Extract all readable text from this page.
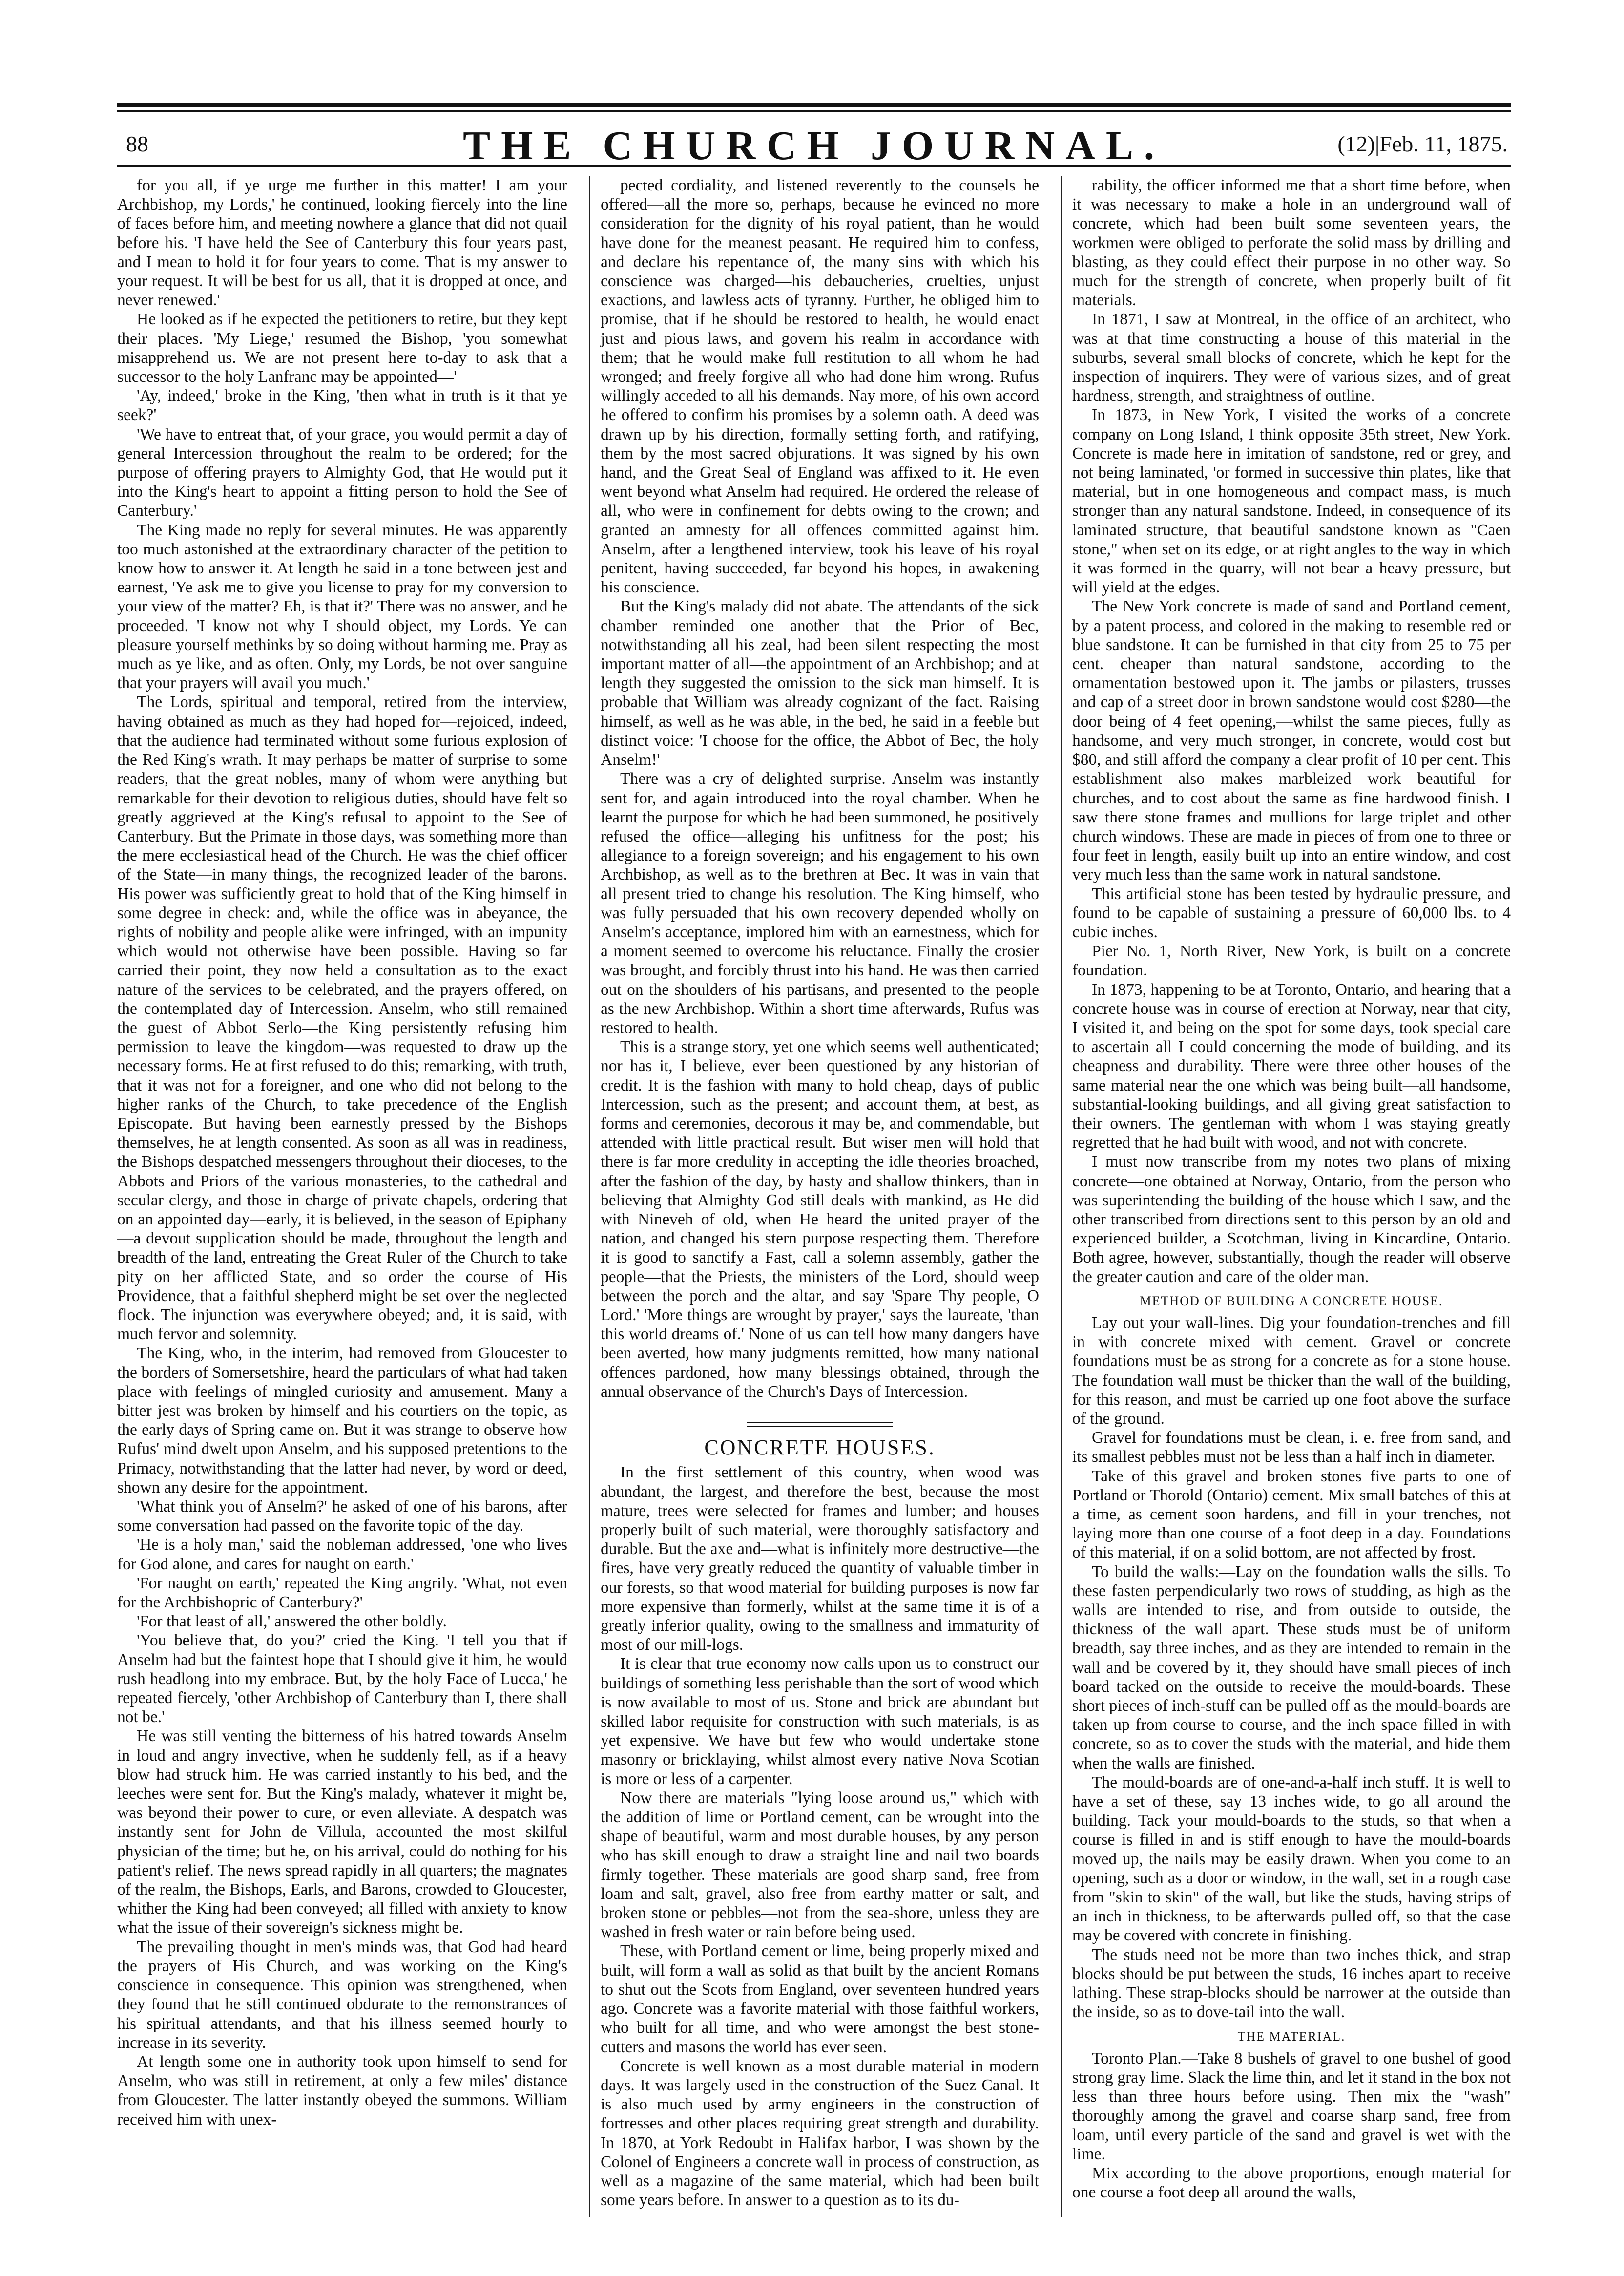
88	THE CHURCH JOURNAL.	(12)|Feb. 11, 1875.

for you all, if ye urge me further in this matter! I am your Archbishop, my Lords,' he continued, looking fiercely into the line of faces before him, and meeting nowhere a glance that did not quail before his. 'I have held the See of Canterbury this four years past, and I mean to hold it for four years to come. That is my answer to your request. It will be best for us all, that it is dropped at once, and never renewed.'

He looked as if he expected the petitioners to retire, but they kept their places. 'My Liege,' resumed the Bishop, 'you somewhat misapprehend us. We are not present here to-day to ask that a successor to the holy Lanfranc may be appointed—'

'Ay, indeed,' broke in the King, 'then what in truth is it that ye seek?'

'We have to entreat that, of your grace, you would permit a day of general Intercession throughout the realm to be ordered; for the purpose of offering prayers to Almighty God, that He would put it into the King's heart to appoint a fitting person to hold the See of Canterbury.'

The King made no reply for several minutes. He was apparently too much astonished at the extraordinary character of the petition to know how to answer it. At length he said in a tone between jest and earnest, 'Ye ask me to give you license to pray for my conversion to your view of the matter? Eh, is that it?' There was no answer, and he proceeded. 'I know not why I should object, my Lords. Ye can pleasure yourself methinks by so doing without harming me. Pray as much as ye like, and as often. Only, my Lords, be not over sanguine that your prayers will avail you much.'

The Lords, spiritual and temporal, retired from the interview, having obtained as much as they had hoped for—rejoiced, indeed, that the audience had terminated without some furious explosion of the Red King's wrath. It may perhaps be matter of surprise to some readers, that the great nobles, many of whom were anything but remarkable for their devotion to religious duties, should have felt so greatly aggrieved at the King's refusal to appoint to the See of Canterbury. But the Primate in those days, was something more than the mere ecclesiastical head of the Church. He was the chief officer of the State—in many things, the recognized leader of the barons. His power was sufficiently great to hold that of the King himself in some degree in check: and, while the office was in abeyance, the rights of nobility and people alike were infringed, with an impunity which would not otherwise have been possible. Having so far carried their point, they now held a consultation as to the exact nature of the services to be celebrated, and the prayers offered, on the contemplated day of Intercession. Anselm, who still remained the guest of Abbot Serlo—the King persistently refusing him permission to leave the kingdom—was requested to draw up the necessary forms. He at first refused to do this; remarking, with truth, that it was not for a foreigner, and one who did not belong to the higher ranks of the Church, to take precedence of the English Episcopate. But having been earnestly pressed by the Bishops themselves, he at length consented. As soon as all was in readiness, the Bishops despatched messengers throughout their dioceses, to the Abbots and Priors of the various monasteries, to the cathedral and secular clergy, and those in charge of private chapels, ordering that on an appointed day—early, it is believed, in the season of Epiphany—a devout supplication should be made, throughout the length and breadth of the land, entreating the Great Ruler of the Church to take pity on her afflicted State, and so order the course of His Providence, that a faithful shepherd might be set over the neglected flock. The injunction was everywhere obeyed; and, it is said, with much fervor and solemnity.

The King, who, in the interim, had removed from Gloucester to the borders of Somersetshire, heard the particulars of what had taken place with feelings of mingled curiosity and amusement. Many a bitter jest was broken by himself and his courtiers on the topic, as the early days of Spring came on. But it was strange to observe how Rufus' mind dwelt upon Anselm, and his supposed pretentions to the Primacy, notwithstanding that the latter had never, by word or deed, shown any desire for the appointment.

'What think you of Anselm?' he asked of one of his barons, after some conversation had passed on the favorite topic of the day.

'He is a holy man,' said the nobleman addressed, 'one who lives for God alone, and cares for naught on earth.'

'For naught on earth,' repeated the King angrily. 'What, not even for the Archbishopric of Canterbury?'

'For that least of all,' answered the other boldly.

'You believe that, do you?' cried the King. 'I tell you that if Anselm had but the faintest hope that I should give it him, he would rush headlong into my embrace. But, by the holy Face of Lucca,' he repeated fiercely, 'other Archbishop of Canterbury than I, there shall not be.'

He was still venting the bitterness of his hatred towards Anselm in loud and angry invective, when he suddenly fell, as if a heavy blow had struck him. He was carried instantly to his bed, and the leeches were sent for. But the King's malady, whatever it might be, was beyond their power to cure, or even alleviate. A despatch was instantly sent for John de Villula, accounted the most skilful physician of the time; but he, on his arrival, could do nothing for his patient's relief. The news spread rapidly in all quarters; the magnates of the realm, the Bishops, Earls, and Barons, crowded to Gloucester, whither the King had been conveyed; all filled with anxiety to know what the issue of their sovereign's sickness might be.

The prevailing thought in men's minds was, that God had heard the prayers of His Church, and was working on the King's conscience in consequence. This opinion was strengthened, when they found that he still continued obdurate to the remonstrances of his spiritual attendants, and that his illness seemed hourly to increase in its severity.

At length some one in authority took upon himself to send for Anselm, who was still in retirement, at only a few miles' distance from Gloucester. The latter instantly obeyed the summons. William received him with unex-

pected cordiality, and listened reverently to the counsels he offered—all the more so, perhaps, because he evinced no more consideration for the dignity of his royal patient, than he would have done for the meanest peasant. He required him to confess, and declare his repentance of, the many sins with which his conscience was charged—his debaucheries, cruelties, unjust exactions, and lawless acts of tyranny. Further, he obliged him to promise, that if he should be restored to health, he would enact just and pious laws, and govern his realm in accordance with them; that he would make full restitution to all whom he had wronged; and freely forgive all who had done him wrong. Rufus willingly acceded to all his demands. Nay more, of his own accord he offered to confirm his promises by a solemn oath. A deed was drawn up by his direction, formally setting forth, and ratifying, them by the most sacred objurations. It was signed by his own hand, and the Great Seal of England was affixed to it. He even went beyond what Anselm had required. He ordered the release of all, who were in confinement for debts owing to the crown; and granted an amnesty for all offences committed against him. Anselm, after a lengthened interview, took his leave of his royal penitent, having succeeded, far beyond his hopes, in awakening his conscience.

But the King's malady did not abate. The attendants of the sick chamber reminded one another that the Prior of Bec, notwithstanding all his zeal, had been silent respecting the most important matter of all—the appointment of an Archbishop; and at length they suggested the omission to the sick man himself. It is probable that William was already cognizant of the fact. Raising himself, as well as he was able, in the bed, he said in a feeble but distinct voice: 'I choose for the office, the Abbot of Bec, the holy Anselm!'

There was a cry of delighted surprise. Anselm was instantly sent for, and again introduced into the royal chamber. When he learnt the purpose for which he had been summoned, he positively refused the office—alleging his unfitness for the post; his allegiance to a foreign sovereign; and his engagement to his own Archbishop, as well as to the brethren at Bec. It was in vain that all present tried to change his resolution. The King himself, who was fully persuaded that his own recovery depended wholly on Anselm's acceptance, implored him with an earnestness, which for a moment seemed to overcome his reluctance. Finally the crosier was brought, and forcibly thrust into his hand. He was then carried out on the shoulders of his partisans, and presented to the people as the new Archbishop. Within a short time afterwards, Rufus was restored to health.

This is a strange story, yet one which seems well authenticated; nor has it, I believe, ever been questioned by any historian of credit. It is the fashion with many to hold cheap, days of public Intercession, such as the present; and account them, at best, as forms and ceremonies, decorous it may be, and commendable, but attended with little practical result. But wiser men will hold that there is far more credulity in accepting the idle theories broached, after the fashion of the day, by hasty and shallow thinkers, than in believing that Almighty God still deals with mankind, as He did with Nineveh of old, when He heard the united prayer of the nation, and changed his stern purpose respecting them. Therefore it is good to sanctify a Fast, call a solemn assembly, gather the people—that the Priests, the ministers of the Lord, should weep between the porch and the altar, and say 'Spare Thy people, O Lord.' 'More things are wrought by prayer,' says the laureate, 'than this world dreams of.' None of us can tell how many dangers have been averted, how many judgments remitted, how many national offences pardoned, how many blessings obtained, through the annual observance of the Church's Days of Intercession.

CONCRETE HOUSES.

In the first settlement of this country, when wood was abundant, the largest, and therefore the best, because the most mature, trees were selected for frames and lumber; and houses properly built of such material, were thoroughly satisfactory and durable. But the axe and—what is infinitely more destructive—the fires, have very greatly reduced the quantity of valuable timber in our forests, so that wood material for building purposes is now far more expensive than formerly, whilst at the same time it is of a greatly inferior quality, owing to the smallness and immaturity of most of our mill-logs.

It is clear that true economy now calls upon us to construct our buildings of something less perishable than the sort of wood which is now available to most of us. Stone and brick are abundant but skilled labor requisite for construction with such materials, is as yet expensive. We have but few who would undertake stone masonry or bricklaying, whilst almost every native Nova Scotian is more or less of a carpenter.

Now there are materials "lying loose around us," which with the addition of lime or Portland cement, can be wrought into the shape of beautiful, warm and most durable houses, by any person who has skill enough to draw a straight line and nail two boards firmly together. These materials are good sharp sand, free from loam and salt, gravel, also free from earthy matter or salt, and broken stone or pebbles—not from the sea-shore, unless they are washed in fresh water or rain before being used.

These, with Portland cement or lime, being properly mixed and built, will form a wall as solid as that built by the ancient Romans to shut out the Scots from England, over seventeen hundred years ago. Concrete was a favorite material with those faithful workers, who built for all time, and who were amongst the best stone-cutters and masons the world has ever seen.

Concrete is well known as a most durable material in modern days. It was largely used in the construction of the Suez Canal. It is also much used by army engineers in the construction of fortresses and other places requiring great strength and durability. In 1870, at York Redoubt in Halifax harbor, I was shown by the Colonel of Engineers a concrete wall in process of construction, as well as a magazine of the same material, which had been built some years before. In answer to a question as to its du-

rability, the officer informed me that a short time before, when it was necessary to make a hole in an underground wall of concrete, which had been built some seventeen years, the workmen were obliged to perforate the solid mass by drilling and blasting, as they could effect their purpose in no other way. So much for the strength of concrete, when properly built of fit materials.

In 1871, I saw at Montreal, in the office of an architect, who was at that time constructing a house of this material in the suburbs, several small blocks of concrete, which he kept for the inspection of inquirers. They were of various sizes, and of great hardness, strength, and straightness of outline.

In 1873, in New York, I visited the works of a concrete company on Long Island, I think opposite 35th street, New York. Concrete is made here in imitation of sandstone, red or grey, and not being laminated, 'or formed in successive thin plates, like that material, but in one homogeneous and compact mass, is much stronger than any natural sandstone. Indeed, in consequence of its laminated structure, that beautiful sandstone known as "Caen stone," when set on its edge, or at right angles to the way in which it was formed in the quarry, will not bear a heavy pressure, but will yield at the edges.

The New York concrete is made of sand and Portland cement, by a patent process, and colored in the making to resemble red or blue sandstone. It can be furnished in that city from 25 to 75 per cent. cheaper than natural sandstone, according to the ornamentation bestowed upon it. The jambs or pilasters, trusses and cap of a street door in brown sandstone would cost $280—the door being of 4 feet opening,—whilst the same pieces, fully as handsome, and very much stronger, in concrete, would cost but $80, and still afford the company a clear profit of 10 per cent. This establishment also makes marbleized work—beautiful for churches, and to cost about the same as fine hardwood finish. I saw there stone frames and mullions for large triplet and other church windows. These are made in pieces of from one to three or four feet in length, easily built up into an entire window, and cost very much less than the same work in natural sandstone.

This artificial stone has been tested by hydraulic pressure, and found to be capable of sustaining a pressure of 60,000 lbs. to 4 cubic inches.

Pier No. 1, North River, New York, is built on a concrete foundation.

In 1873, happening to be at Toronto, Ontario, and hearing that a concrete house was in course of erection at Norway, near that city, I visited it, and being on the spot for some days, took special care to ascertain all I could concerning the mode of building, and its cheapness and durability. There were three other houses of the same material near the one which was being built—all handsome, substantial-looking buildings, and all giving great satisfaction to their owners. The gentleman with whom I was staying greatly regretted that he had built with wood, and not with concrete.

I must now transcribe from my notes two plans of mixing concrete—one obtained at Norway, Ontario, from the person who was superintending the building of the house which I saw, and the other transcribed from directions sent to this person by an old and experienced builder, a Scotchman, living in Kincardine, Ontario. Both agree, however, substantially, though the reader will observe the greater caution and care of the older man.

METHOD OF BUILDING A CONCRETE HOUSE.

Lay out your wall-lines. Dig your foundation-trenches and fill in with concrete mixed with cement. Gravel or concrete foundations must be as strong for a concrete as for a stone house. The foundation wall must be thicker than the wall of the building, for this reason, and must be carried up one foot above the surface of the ground.

Gravel for foundations must be clean, i. e. free from sand, and its smallest pebbles must not be less than a half inch in diameter.

Take of this gravel and broken stones five parts to one of Portland or Thorold (Ontario) cement. Mix small batches of this at a time, as cement soon hardens, and fill in your trenches, not laying more than one course of a foot deep in a day. Foundations of this material, if on a solid bottom, are not affected by frost.

To build the walls:—Lay on the foundation walls the sills. To these fasten perpendicularly two rows of studding, as high as the walls are intended to rise, and from outside to outside, the thickness of the wall apart. These studs must be of uniform breadth, say three inches, and as they are intended to remain in the wall and be covered by it, they should have small pieces of inch board tacked on the outside to receive the mould-boards. These short pieces of inch-stuff can be pulled off as the mould-boards are taken up from course to course, and the inch space filled in with concrete, so as to cover the studs with the material, and hide them when the walls are finished.

The mould-boards are of one-and-a-half inch stuff. It is well to have a set of these, say 13 inches wide, to go all around the building. Tack your mould-boards to the studs, so that when a course is filled in and is stiff enough to have the mould-boards moved up, the nails may be easily drawn. When you come to an opening, such as a door or window, in the wall, set in a rough case from "skin to skin" of the wall, but like the studs, having strips of an inch in thickness, to be afterwards pulled off, so that the case may be covered with concrete in finishing.

The studs need not be more than two inches thick, and strap blocks should be put between the studs, 16 inches apart to receive lathing. These strap-blocks should be narrower at the outside than the inside, so as to dove-tail into the wall.

THE MATERIAL.

Toronto Plan.—Take 8 bushels of gravel to one bushel of good strong gray lime. Slack the lime thin, and let it stand in the box not less than three hours before using. Then mix the "wash" thoroughly among the gravel and coarse sharp sand, free from loam, until every particle of the sand and gravel is wet with the lime.

Mix according to the above proportions, enough material for one course a foot deep all around the walls,
